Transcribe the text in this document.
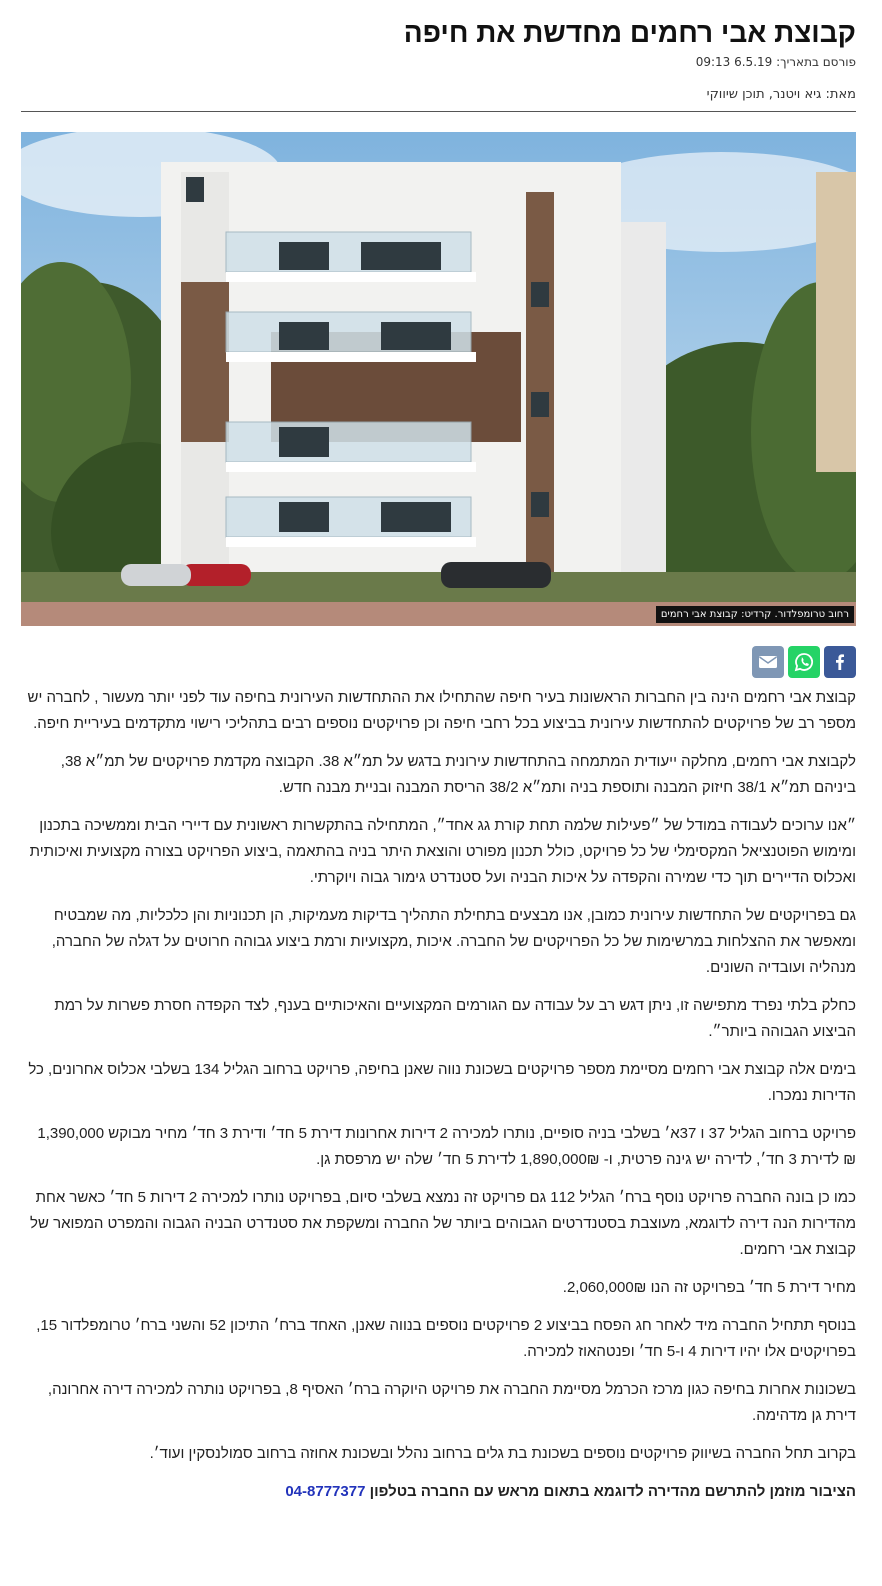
קבוצת אבי רחמים מחדשת את חיפה
פורסם בתאריך: 6.5.19 09:13
מאת: גיא ויטנר, תוכן שיווקי
רחוב טרומפלדור. קרדיט: קבוצת אבי רחמים

קבוצת אבי רחמים הינה בין החברות הראשונות בעיר חיפה שהתחילו את ההתחדשות העירונית בחיפה עוד לפני יותר מעשור , לחברה יש מספר רב של פרויקטים להתחדשות עירונית בביצוע בכל רחבי חיפה וכן פרויקטים נוספים רבים בתהליכי רישוי מתקדמים בעיריית חיפה.

לקבוצת אבי רחמים, מחלקה ייעודית המתמחה בהתחדשות עירונית בדגש על תמ״א 38. הקבוצה מקדמת פרויקטים של תמ״א 38, ביניהם תמ״א 38/1 חיזוק המבנה ותוספת בניה ותמ״א 38/2 הריסת המבנה ובניית מבנה חדש.

״אנו ערוכים לעבודה במודל של ״פעילות שלמה תחת קורת גג אחד״, המתחילה בהתקשרות ראשונית עם דיירי הבית וממשיכה בתכנון ומימוש הפוטנציאל המקסימלי של כל פרויקט, כולל תכנון מפורט והוצאת היתר בניה בהתאמה ,ביצוע הפרויקט בצורה מקצועית ואיכותית ואכלוס הדיירים תוך כדי שמירה והקפדה על איכות הבניה ועל סטנדרט גימור גבוה ויוקרתי.

גם בפרויקטים של התחדשות עירונית כמובן, אנו מבצעים בתחילת התהליך בדיקות מעמיקות, הן תכנוניות והן כלכליות, מה שמבטיח ומאפשר את ההצלחות במרשימות של כל הפרויקטים של החברה. איכות ,מקצועיות ורמת ביצוע גבוהה חרוטים על דגלה של החברה, מנהליה ועובדיה השונים.

כחלק בלתי נפרד מתפישה זו, ניתן דגש רב על עבודה עם הגורמים המקצועיים והאיכותיים בענף, לצד הקפדה חסרת פשרות על רמת הביצוע הגבוהה ביותר״.

בימים אלה קבוצת אבי רחמים מסיימת מספר פרויקטים בשכונת נווה שאנן בחיפה, פרויקט ברחוב הגליל 134 בשלבי אכלוס אחרונים, כל הדירות נמכרו.

פרויקט ברחוב הגליל 37 ו 37א׳ בשלבי בניה סופיים, נותרו למכירה 2 דירות אחרונות דירת 5 חד׳ ודירת 3 חד׳ מחיר מבוקש 1,390,000 ₪ לדירת 3 חד׳, לדירה יש גינה פרטית, ו- 1,890,000₪ לדירת 5 חד׳ שלה יש מרפסת גן.

כמו כן בונה החברה פרויקט נוסף ברח׳ הגליל 112 גם פרויקט זה נמצא בשלבי סיום, בפרויקט נותרו למכירה 2 דירות 5 חד׳ כאשר אחת מהדירות הנה דירה לדוגמא, מעוצבת בסטנדרטים הגבוהים ביותר של החברה ומשקפת את סטנדרט הבניה הגבוה והמפרט המפואר של קבוצת אבי רחמים.

מחיר דירת 5 חד׳ בפרויקט זה הנו 2,060,000₪.

בנוסף תתחיל החברה מיד לאחר חג הפסח בביצוע 2 פרויקטים נוספים בנווה שאנן, האחד ברח׳ התיכון 52 והשני ברח׳ טרומפלדור 15, בפרויקטים אלו יהיו דירות 4 ו-5 חד׳ ופנטהאוז למכירה.

בשכונות אחרות בחיפה כגון מרכז הכרמל מסיימת החברה את פרויקט היוקרה ברח׳ האסיף 8, בפרויקט נותרה למכירה דירה אחרונה, דירת גן מדהימה.

בקרוב תחל החברה בשיווק פרויקטים נוספים בשכונת בת גלים ברחוב נהלל ובשכונת אחוזה ברחוב סמולנסקין ועוד׳.

הציבור מוזמן להתרשם מהדירה לדוגמא בתאום מראש עם החברה בטלפון 04-8777377
